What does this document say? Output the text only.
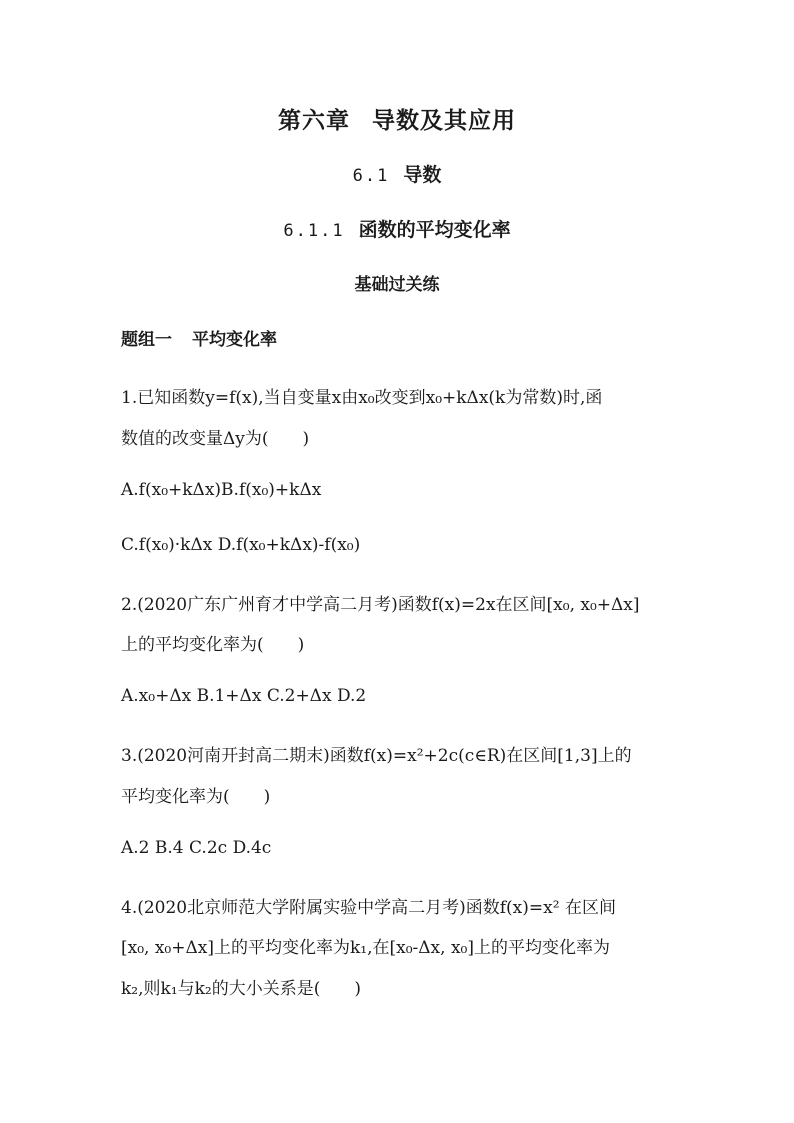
第六章 导数及其应用
6.1 导数
6.1.1 函数的平均变化率
基础过关练
题组一 平均变化率
1.已知函数y=f(x),当自变量x由x₀改变到x₀+kΔx(k为常数)时,函
数值的改变量Δy为(　　)
A.f(x₀+kΔx)B.f(x₀)+kΔx
C.f(x₀)·kΔx D.f(x₀+kΔx)-f(x₀)
2.(2020广东广州育才中学高二月考)函数f(x)=2x在区间[x₀, x₀+Δx]
上的平均变化率为(　　)
A.x₀+Δx B.1+Δx C.2+Δx D.2
3.(2020河南开封高二期末)函数f(x)=x²+2c(c∈R)在区间[1,3]上的
平均变化率为(　　)
A.2 B.4 C.2c D.4c
4.(2020北京师范大学附属实验中学高二月考)函数f(x)=x² 在区间
[x₀, x₀+Δx]上的平均变化率为k₁,在[x₀-Δx, x₀]上的平均变化率为
k₂,则k₁与k₂的大小关系是(　　)
